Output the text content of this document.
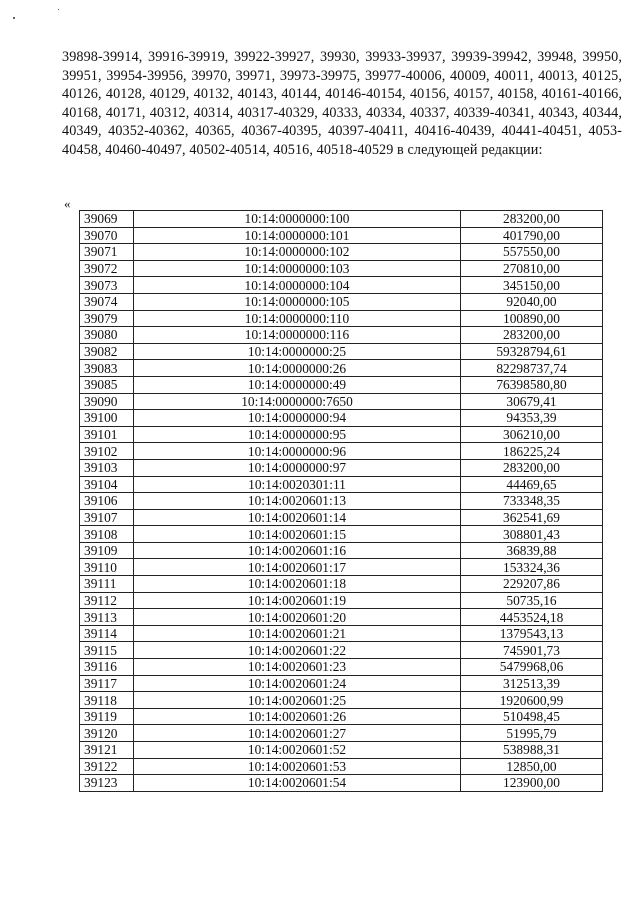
39898-39914, 39916-39919, 39922-39927, 39930, 39933-39937, 39939-39942, 39948, 39950, 39951, 39954-39956, 39970, 39971, 39973-39975, 39977-40006, 40009, 40011, 40013, 40125, 40126, 40128, 40129, 40132, 40143, 40144, 40146-40154, 40156, 40157, 40158, 40161-40166, 40168, 40171, 40312, 40314, 40317-40329, 40333, 40334, 40337, 40339-40341, 40343, 40344, 40349, 40352-40362, 40365, 40367-40395, 40397-40411, 40416-40439, 40441-40451, 4053-40458, 40460-40497, 40502-40514, 40516, 40518-40529 в следующей редакции:
«
39069	10:14:0000000:100	283200,00
39070	10:14:0000000:101	401790,00
39071	10:14:0000000:102	557550,00
39072	10:14:0000000:103	270810,00
39073	10:14:0000000:104	345150,00
39074	10:14:0000000:105	92040,00
39079	10:14:0000000:110	100890,00
39080	10:14:0000000:116	283200,00
39082	10:14:0000000:25	59328794,61
39083	10:14:0000000:26	82298737,74
39085	10:14:0000000:49	76398580,80
39090	10:14:0000000:7650	30679,41
39100	10:14:0000000:94	94353,39
39101	10:14:0000000:95	306210,00
39102	10:14:0000000:96	186225,24
39103	10:14:0000000:97	283200,00
39104	10:14:0020301:11	44469,65
39106	10:14:0020601:13	733348,35
39107	10:14:0020601:14	362541,69
39108	10:14:0020601:15	308801,43
39109	10:14:0020601:16	36839,88
39110	10:14:0020601:17	153324,36
39111	10:14:0020601:18	229207,86
39112	10:14:0020601:19	50735,16
39113	10:14:0020601:20	4453524,18
39114	10:14:0020601:21	1379543,13
39115	10:14:0020601:22	745901,73
39116	10:14:0020601:23	5479968,06
39117	10:14:0020601:24	312513,39
39118	10:14:0020601:25	1920600,99
39119	10:14:0020601:26	510498,45
39120	10:14:0020601:27	51995,79
39121	10:14:0020601:52	538988,31
39122	10:14:0020601:53	12850,00
39123	10:14:0020601:54	123900,00
